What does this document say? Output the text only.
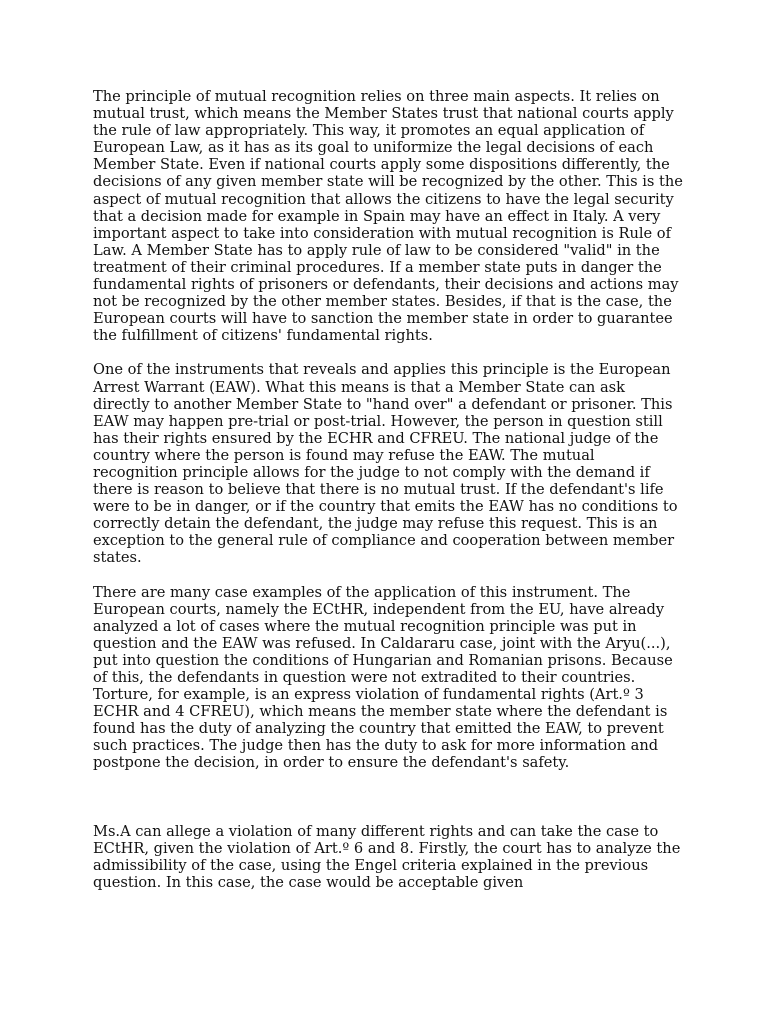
The principle of mutual recognition relies on three main aspects. It relies on mutual trust, which means the Member States trust that national courts apply the rule of law appropriately. This way, it promotes an equal application of European Law, as it has as its goal to uniformize the legal decisions of each Member State. Even if national courts apply some dispositions differently, the decisions of any given member state will be recognized by the other. This is the aspect of mutual recognition that allows the citizens to have the legal security that a decision made for example in Spain may have an effect in Italy. A very important aspect to take into consideration with mutual recognition is Rule of Law. A Member State has to apply rule of law to be considered "valid" in the treatment of their criminal procedures. If a member state puts in danger the fundamental rights of prisoners or defendants, their decisions and actions may not be recognized by the other member states. Besides, if that is the case, the European courts will have to sanction the member state in order to guarantee the fulfillment of citizens' fundamental rights.

One of the instruments that reveals and applies this principle is the European Arrest Warrant (EAW). What this means is that a Member State can ask directly to another Member State to "hand over" a defendant or prisoner. This EAW may happen pre-trial or post-trial. However, the person in question still has their rights ensured by the ECHR and CFREU. The national judge of the country where the person is found may refuse the EAW. The mutual recognition principle allows for the judge to not comply with the demand if there is reason to believe that there is no mutual trust. If the defendant's life were to be in danger, or if the country that emits the EAW has no conditions to correctly detain the defendant, the judge may refuse this request. This is an exception to the general rule of compliance and cooperation between member states.

There are many case examples of the application of this instrument. The European courts, namely the ECtHR, independent from the EU, have already analyzed a lot of cases where the mutual recognition principle was put in question and the EAW was refused. In Caldararu case, joint with the Aryu(...), put into question the conditions of Hungarian and Romanian prisons. Because of this, the defendants in question were not extradited to their countries. Torture, for example, is an express violation of fundamental rights (Art.º 3 ECHR and 4 CFREU), which means the member state where the defendant is found has the duty of analyzing the country that emitted the EAW, to prevent such practices. The judge then has the duty to ask for more information and postpone the decision, in order to ensure the defendant's safety.

Ms.A can allege a violation of many different rights and can take the case to ECtHR, given the violation of Art.º 6 and 8. Firstly, the court has to analyze the admissibility of the case, using the Engel criteria explained in the previous question. In this case, the case would be acceptable given
